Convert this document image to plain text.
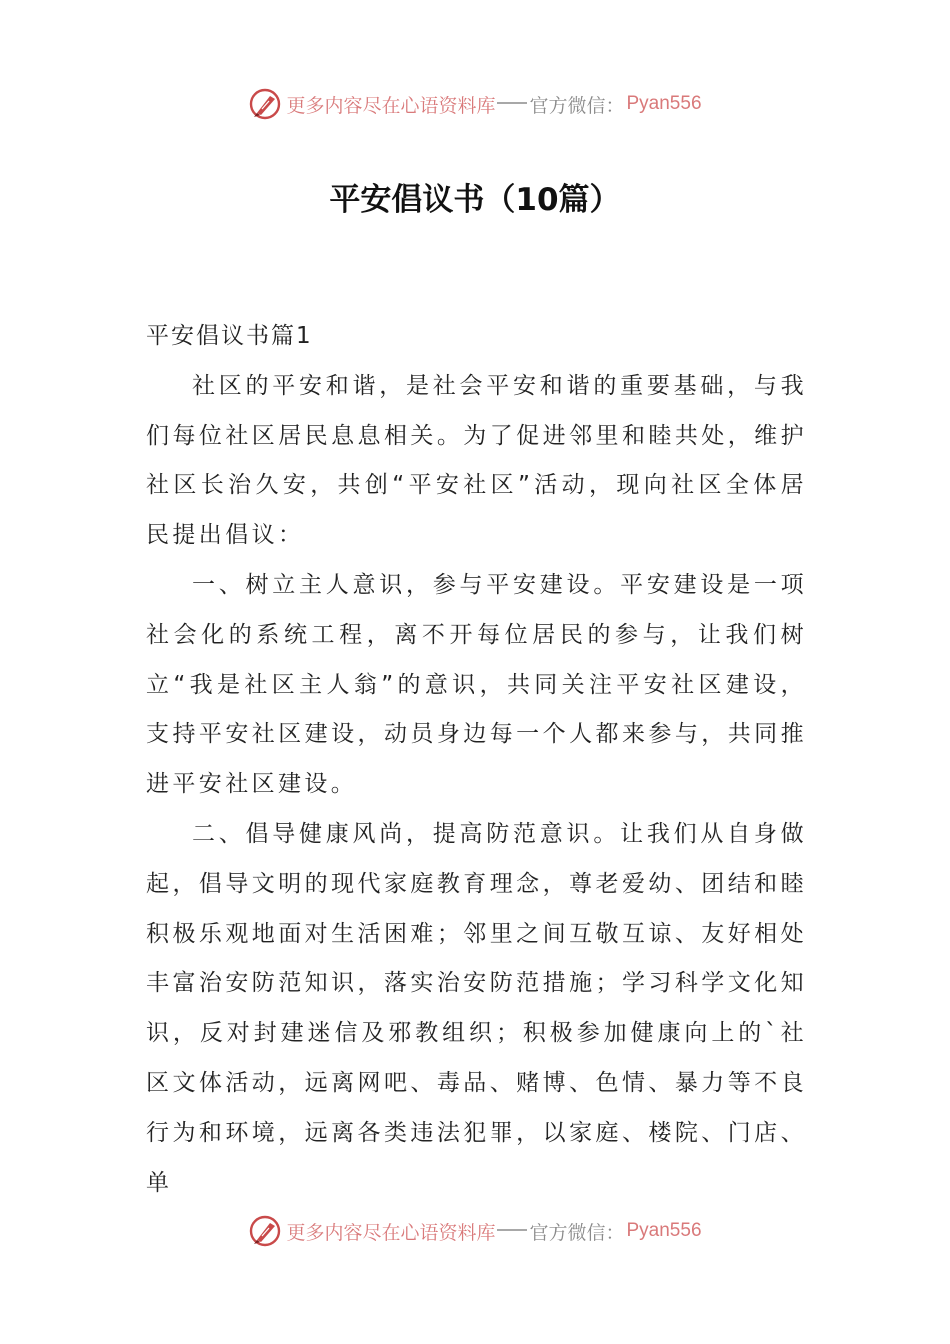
更多内容尽在心语资料库 官方微信： Pyan556
平安倡议书（10篇）

平安倡议书篇1

社区的平安和谐，是社会平安和谐的重要基础，与我们每位社区居民息息相关。为了促进邻里和睦共处，维护社区长治久安，共创“平安社区”活动，现向社区全体居民提出倡议：

一、树立主人意识，参与平安建设。平安建设是一项社会化的系统工程，离不开每位居民的参与，让我们树立“我是社区主人翁”的意识，共同关注平安社区建设，支持平安社区建设，动员身边每一个人都来参与，共同推进平安社区建设。

二、倡导健康风尚，提高防范意识。让我们从自身做起，倡导文明的现代家庭教育理念，尊老爱幼、团结和睦积极乐观地面对生活困难；邻里之间互敬互谅、友好相处丰富治安防范知识，落实治安防范措施；学习科学文化知识，反对封建迷信及邪教组织；积极参加健康向上的`社区文体活动，远离网吧、毒品、赌博、色情、暴力等不良行为和环境，远离各类违法犯罪，以家庭、楼院、门店、单

更多内容尽在心语资料库 官方微信： Pyan556
